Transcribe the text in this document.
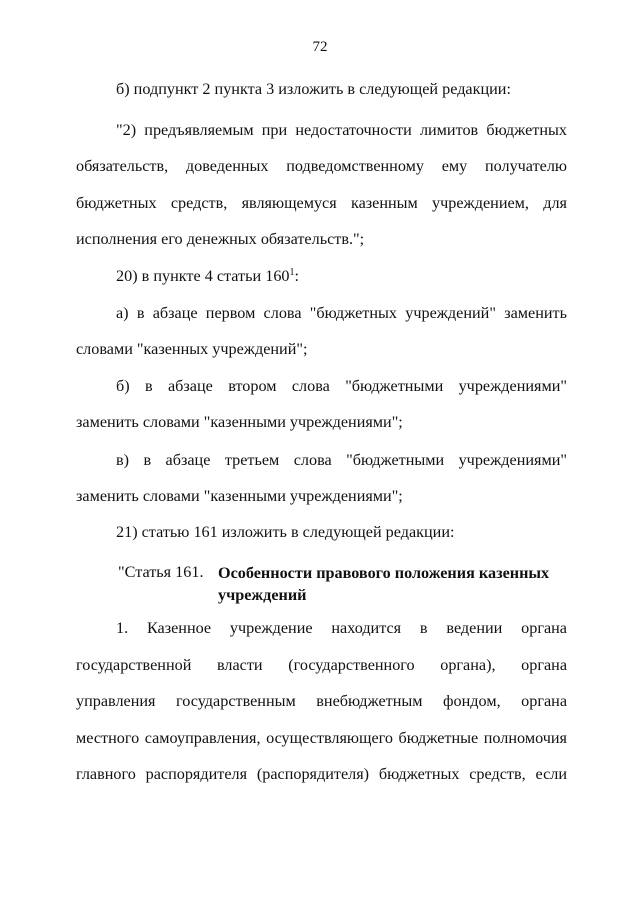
72
б) подпункт 2 пункта 3 изложить в следующей редакции:
"2) предъявляемым при недостаточности лимитов бюджетных
обязательств, доведенных подведомственному ему получателю
бюджетных средств, являющемуся казенным учреждением, для
исполнения его денежных обязательств.";
20) в пункте 4 статьи $160^1$:
а) в абзаце первом слова "бюджетных учреждений" заменить
словами "казенных учреждений";
б) в абзаце втором слова "бюджетными учреждениями"
заменить словами "казенными учреждениями";
в) в абзаце третьем слова "бюджетными учреждениями"
заменить словами "казенными учреждениями";
21) статью 161 изложить в следующей редакции:
"Статья 161. Особенности правового положения казенных учреждений
1. Казенное учреждение находится в ведении органа
государственной власти (государственного органа), органа
управления государственным внебюджетным фондом, органа
местного самоуправления, осуществляющего бюджетные полномочия
главного распорядителя (распорядителя) бюджетных средств, если
